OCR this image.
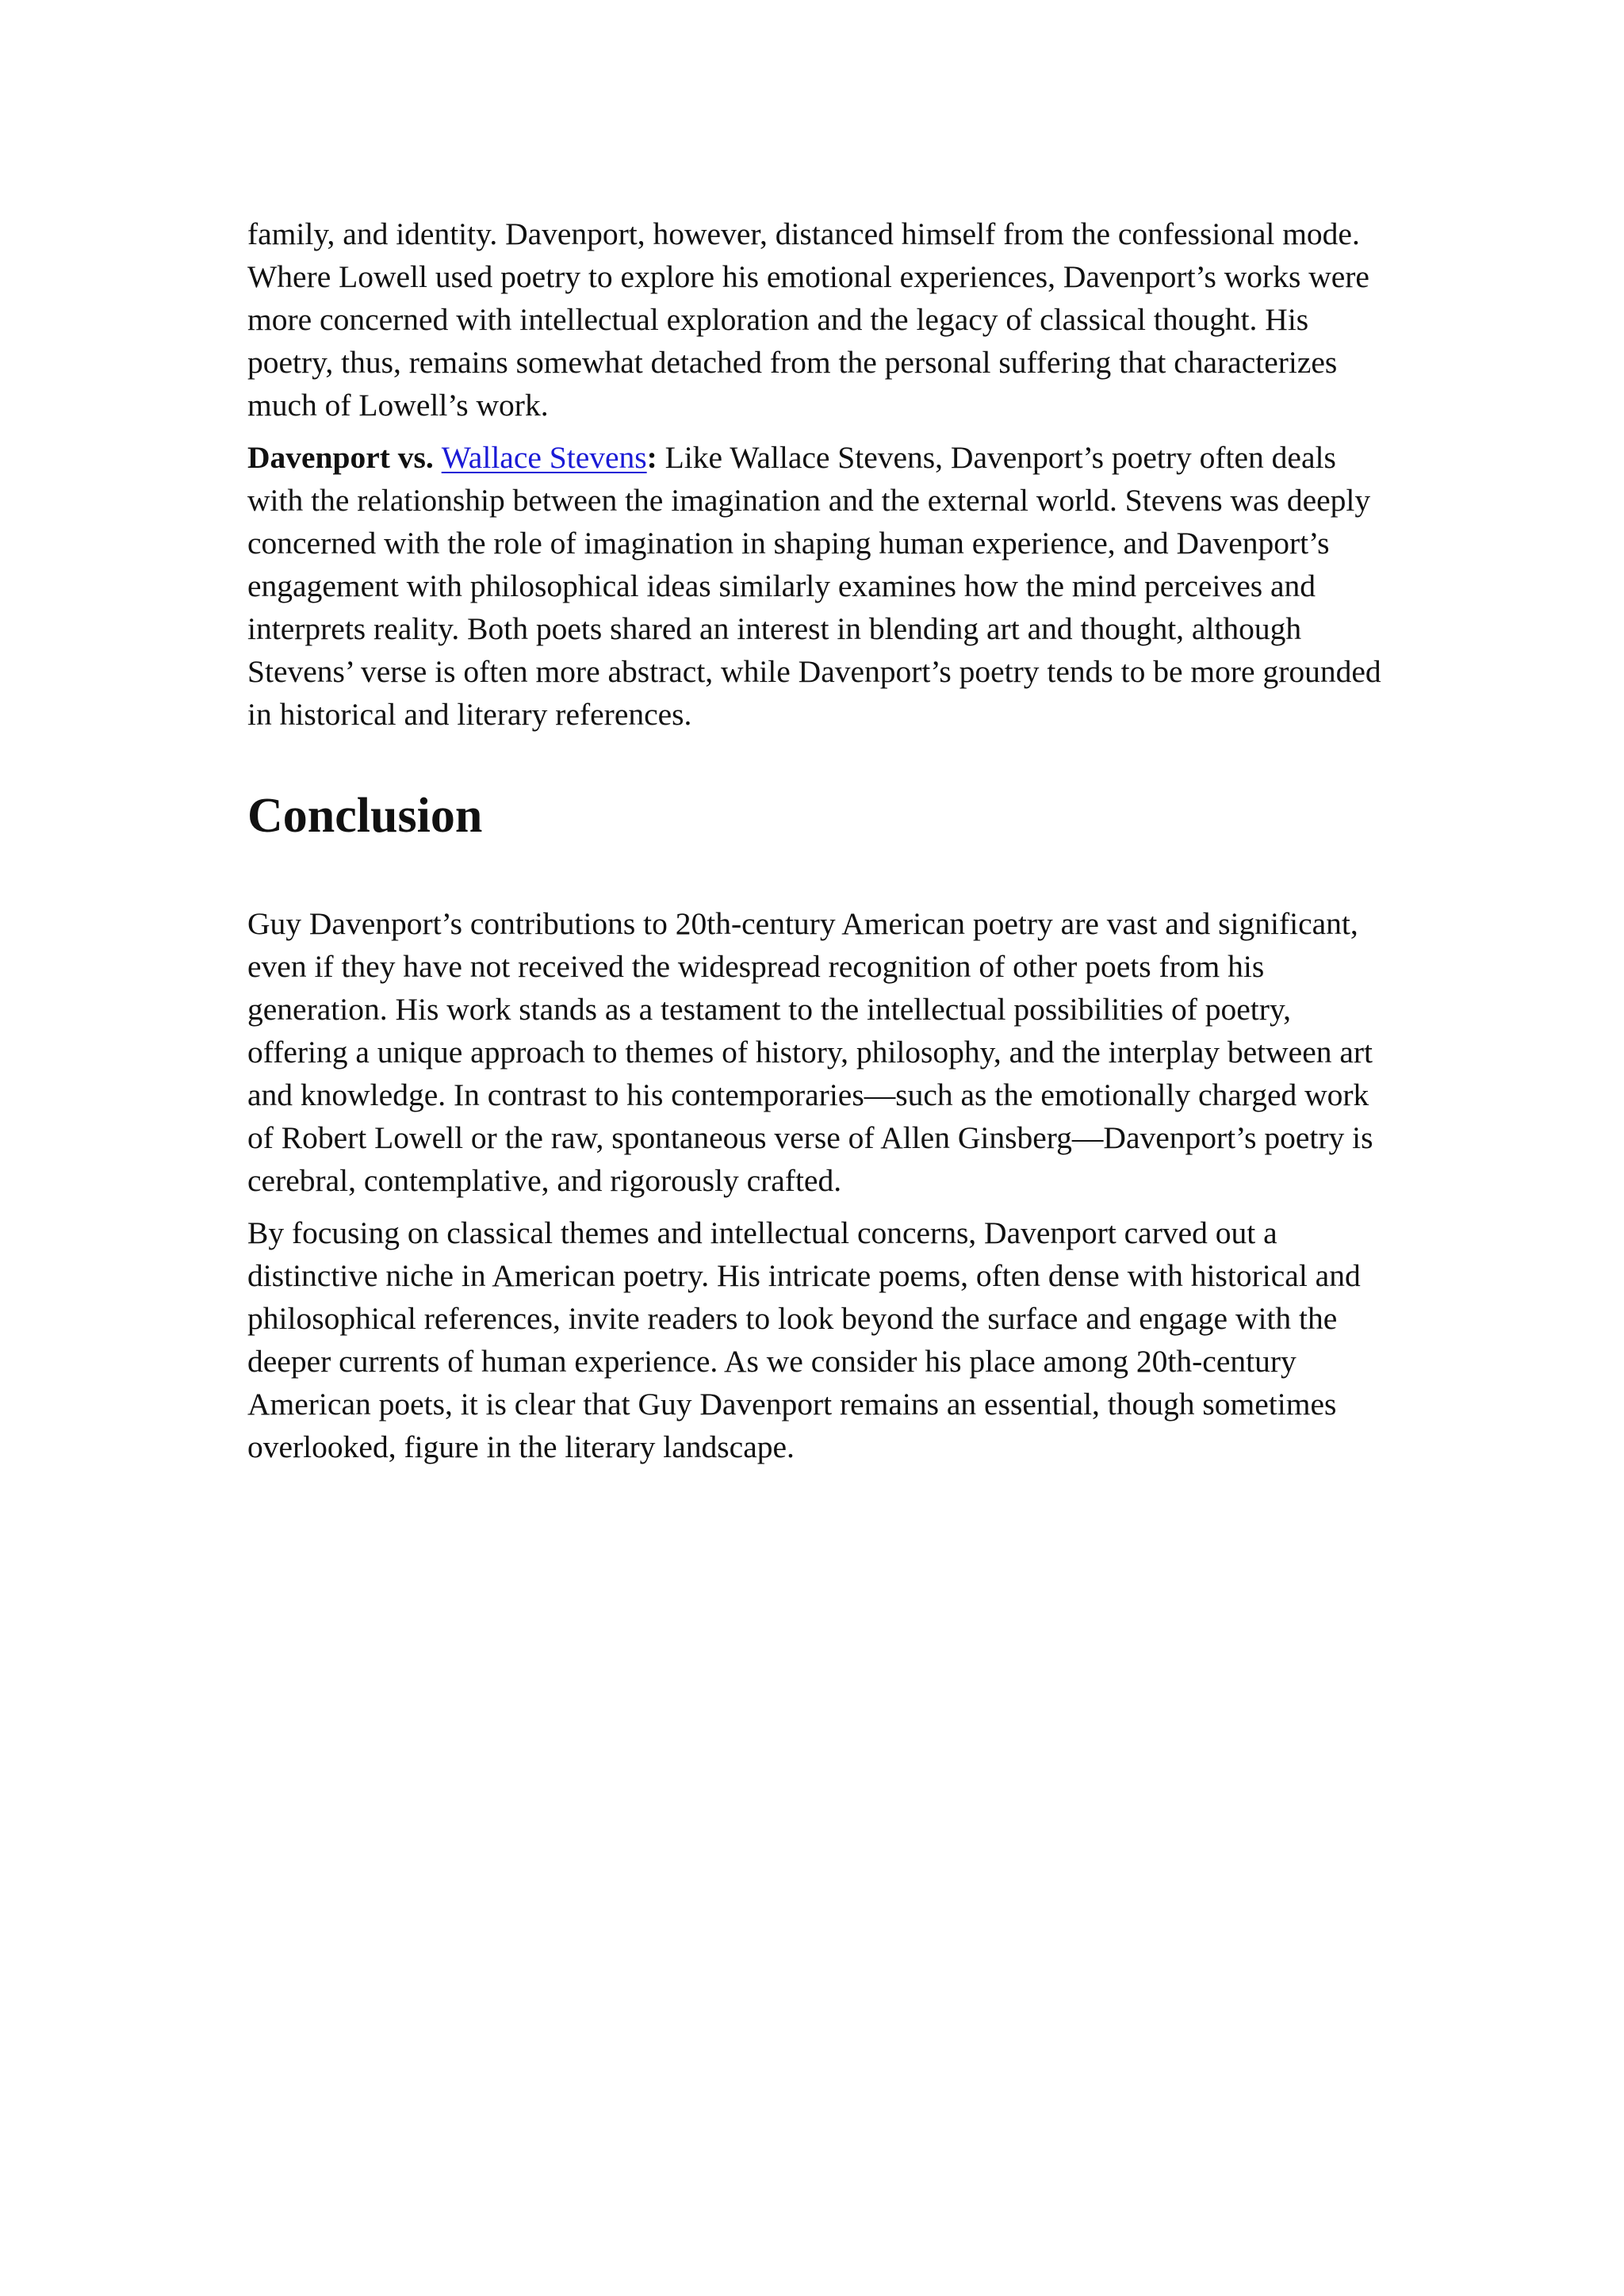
family, and identity. Davenport, however, distanced himself from the confessional mode. Where Lowell used poetry to explore his emotional experiences, Davenport’s works were more concerned with intellectual exploration and the legacy of classical thought. His poetry, thus, remains somewhat detached from the personal suffering that characterizes much of Lowell’s work.

Davenport vs. Wallace Stevens: Like Wallace Stevens, Davenport’s poetry often deals with the relationship between the imagination and the external world. Stevens was deeply concerned with the role of imagination in shaping human experience, and Davenport’s engagement with philosophical ideas similarly examines how the mind perceives and interprets reality. Both poets shared an interest in blending art and thought, although Stevens’ verse is often more abstract, while Davenport’s poetry tends to be more grounded in historical and literary references.

Conclusion

Guy Davenport’s contributions to 20th-century American poetry are vast and significant, even if they have not received the widespread recognition of other poets from his generation. His work stands as a testament to the intellectual possibilities of poetry, offering a unique approach to themes of history, philosophy, and the interplay between art and knowledge. In contrast to his contemporaries—such as the emotionally charged work of Robert Lowell or the raw, spontaneous verse of Allen Ginsberg—Davenport’s poetry is cerebral, contemplative, and rigorously crafted.

By focusing on classical themes and intellectual concerns, Davenport carved out a distinctive niche in American poetry. His intricate poems, often dense with historical and philosophical references, invite readers to look beyond the surface and engage with the deeper currents of human experience. As we consider his place among 20th-century American poets, it is clear that Guy Davenport remains an essential, though sometimes overlooked, figure in the literary landscape.
